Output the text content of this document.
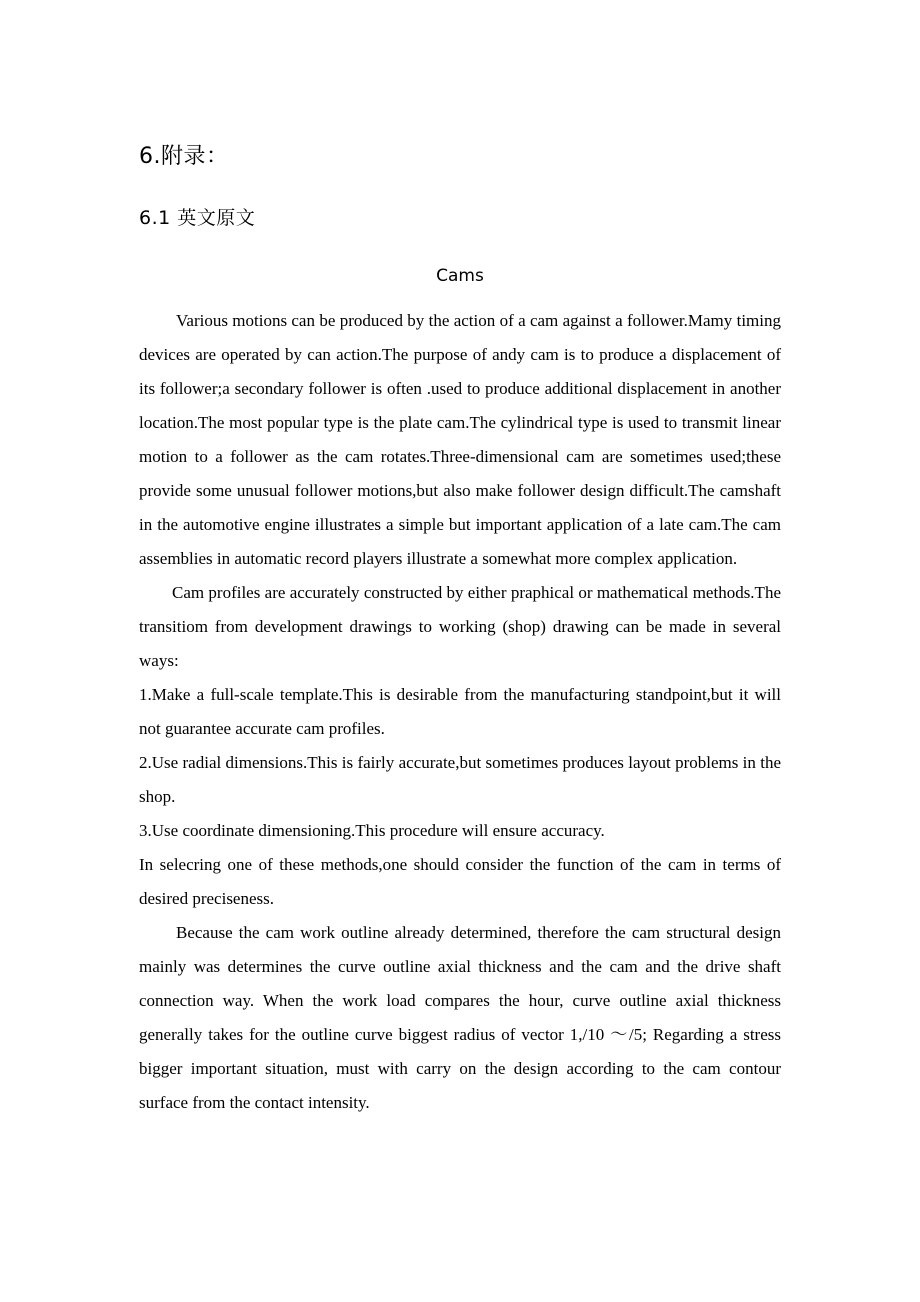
6.附录：
6.1 英文原文
Cams

Various motions can be produced by the action of a cam against a follower.Mamy timing devices are operated by can action.The purpose of andy cam is to produce a displacement of its follower;a secondary follower is often .used to produce additional displacement in another location.The most popular type is the plate cam.The cylindrical type is used to transmit linear motion to a follower as the cam rotates.Three-dimensional cam are sometimes used;these provide some unusual follower motions,but also make follower design difficult.The camshaft in the automotive engine illustrates a simple but important application of a late cam.The cam assemblies in automatic record players illustrate a somewhat more complex application.

Cam profiles are accurately constructed by either praphical or mathematical methods.The transitiom from development drawings to working (shop) drawing can be made in several ways:

1.Make a full-scale template.This is desirable from the manufacturing standpoint,but it will not guarantee accurate cam profiles.

2.Use radial dimensions.This is fairly accurate,but sometimes produces layout problems in the shop.

3.Use coordinate dimensioning.This procedure will ensure accuracy.

In selecring one of these methods,one should consider the function of the cam in terms of desired preciseness.

Because the cam work outline already determined, therefore the cam structural design mainly was determines the curve outline axial thickness and the cam and the drive shaft connection way. When the work load compares the hour, curve outline axial thickness generally takes for the outline curve biggest radius of vector 1,/10 ～/5; Regarding a stress bigger important situation, must with carry on the design according to the cam contour surface from the contact intensity.
